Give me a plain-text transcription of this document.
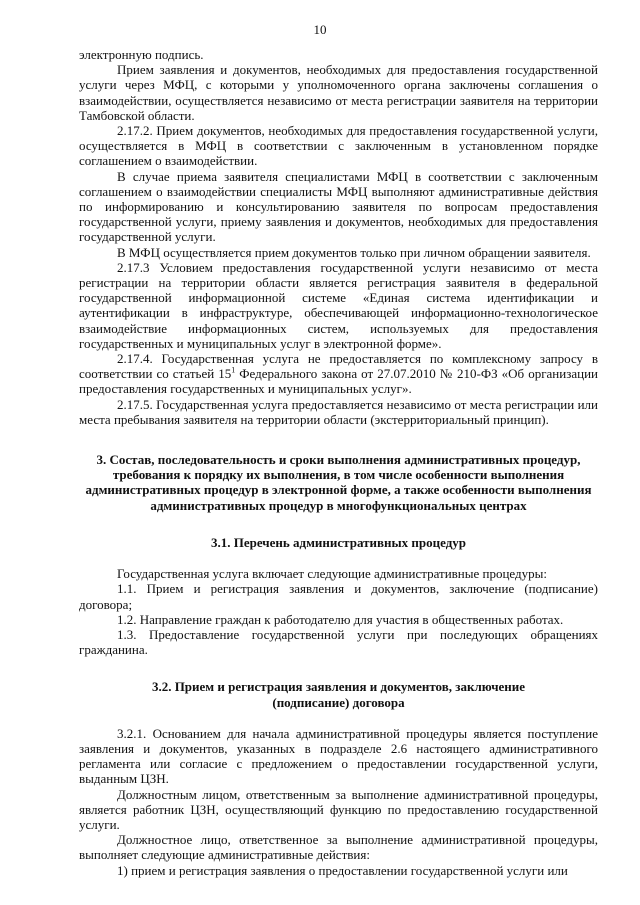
10

электронную подпись.

Прием заявления и документов, необходимых для предоставления государственной услуги через МФЦ, с которыми у уполномоченного органа заключены соглашения о взаимодействии, осуществляется независимо от места регистрации заявителя на территории Тамбовской области.

2.17.2. Прием документов, необходимых для предоставления государственной услуги, осуществляется в МФЦ в соответствии с заключенным в установленном порядке соглашением о взаимодействии.

В случае приема заявителя специалистами МФЦ в соответствии с заключенным соглашением о взаимодействии специалисты МФЦ выполняют административные действия по информированию и консультированию заявителя по вопросам предоставления государственной услуги, приему заявления и документов, необходимых для предоставления государственной услуги.

В МФЦ осуществляется прием документов только при личном обращении заявителя.

2.17.3 Условием предоставления государственной услуги независимо от места регистрации на территории области является регистрация заявителя в федеральной государственной информационной системе «Единая система идентификации и аутентификации в инфраструктуре, обеспечивающей информационно-технологическое взаимодействие информационных систем, используемых для предоставления государственных и муниципальных услуг в электронной форме».

2.17.4. Государственная услуга не предоставляется по комплексному запросу в соответствии со статьей $15^1$ Федерального закона от 27.07.2010 № 210-ФЗ «Об организации предоставления государственных и муниципальных услуг».

2.17.5. Государственная услуга предоставляется независимо от места регистрации или места пребывания заявителя на территории области (экстерриториальный принцип).

3. Состав, последовательность и сроки выполнения административных процедур, требования к порядку их выполнения, в том числе особенности выполнения административных процедур в электронной форме, а также особенности выполнения административных процедур в многофункциональных центрах

3.1. Перечень административных процедур

Государственная услуга включает следующие административные процедуры:

1.1. Прием и регистрация заявления и документов, заключение (подписание) договора;

1.2. Направление граждан к работодателю для участия в общественных работах.

1.3. Предоставление государственной услуги при последующих обращениях гражданина.

3.2. Прием и регистрация заявления и документов, заключение (подписание) договора

3.2.1. Основанием для начала административной процедуры является поступление заявления и документов, указанных в подразделе 2.6 настоящего административного регламента или согласие с предложением о предоставлении государственной услуги, выданным ЦЗН.

Должностным лицом, ответственным за выполнение административной процедуры, является работник ЦЗН, осуществляющий функцию по предоставлению государственной услуги.

Должностное лицо, ответственное за выполнение административной процедуры, выполняет следующие административные действия:

1) прием и регистрация заявления о предоставлении государственной услуги или
